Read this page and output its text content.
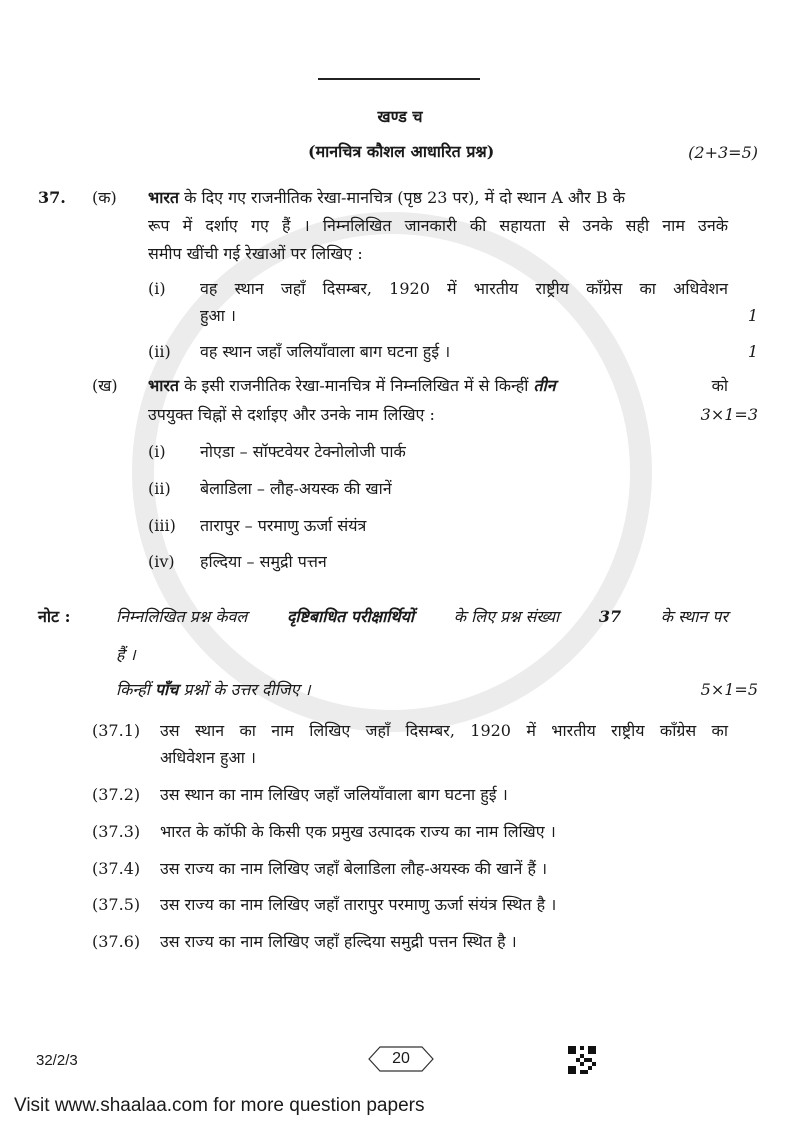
खण्ड च
(मानचित्र कौशल आधारित प्रश्न)	(2+3=5)
37. (क) भारत के दिए गए राजनीतिक रेखा-मानचित्र (पृष्ठ 23 पर), में दो स्थान A और B के
रूप में दर्शाए गए हैं । निम्नलिखित जानकारी की सहायता से उनके सही नाम उनके
समीप खींची गई रेखाओं पर लिखिए :
(i) वह स्थान जहाँ दिसम्बर, 1920 में भारतीय राष्ट्रीय काँग्रेस का अधिवेशन
हुआ ।	1
(ii) वह स्थान जहाँ जलियाँवाला बाग घटना हुई ।	1
(ख) भारत के इसी राजनीतिक रेखा-मानचित्र में निम्नलिखित में से किन्हीं तीन	को
उपयुक्त चिह्नों से दर्शाइए और उनके नाम लिखिए :	3×1=3
(i) नोएडा – सॉफ्टवेयर टेक्नोलोजी पार्क
(ii) बेलाडिला – लौह-अयस्क की खानें
(iii) तारापुर – परमाणु ऊर्जा संयंत्र
(iv) हल्दिया – समुद्री पत्तन
नोट :	निम्नलिखित प्रश्न केवल दृष्टिबाधित परीक्षार्थियों के लिए प्रश्न संख्या 37 के स्थान पर
हैं ।
किन्हीं पाँच प्रश्नों के उत्तर दीजिए ।	5×1=5
(37.1) उस स्थान का नाम लिखिए जहाँ दिसम्बर, 1920 में भारतीय राष्ट्रीय काँग्रेस का
अधिवेशन हुआ ।
(37.2) उस स्थान का नाम लिखिए जहाँ जलियाँवाला बाग घटना हुई ।
(37.3) भारत के कॉफी के किसी एक प्रमुख उत्पादक राज्य का नाम लिखिए ।
(37.4) उस राज्य का नाम लिखिए जहाँ बेलाडिला लौह-अयस्क की खानें हैं ।
(37.5) उस राज्य का नाम लिखिए जहाँ तारापुर परमाणु ऊर्जा संयंत्र स्थित है ।
(37.6) उस राज्य का नाम लिखिए जहाँ हल्दिया समुद्री पत्तन स्थित है ।
32/2/3	20
Visit www.shaalaa.com for more question papers
